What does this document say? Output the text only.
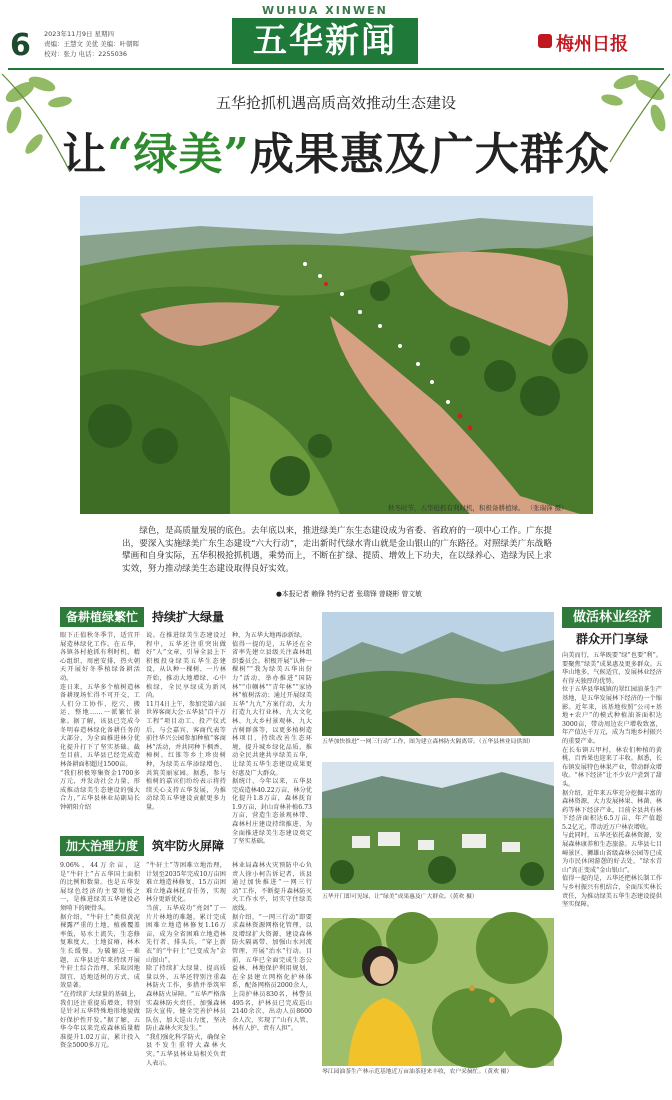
6 2023年11月9日 星期四
责编：王慧文 美优 美编：叶朝晖
校对：张力 电话：2255036
WUHUA XINWEN
五华新闻	梅州日报
五华抢抓机遇高质高效推动生态建设
让“绿美”成果惠及广大群众
秋冬时节，五华抢抓有利时机，积极备耕植绿。 （张瑞锋 摄）
绿色，是高质量发展的底色。去年底以来，推进绿美广东生态建设成为省委、省政府的一项中心工作。广东提出，要深入实施绿美广东生态建设“六大行动”，走出新时代绿水青山就是金山银山的广东路径。对照绿美广东战略擘画和自身实际，五华积极抢抓机遇，乘势而上，不断在扩绿、提质、增效上下功夫，在以绿养心、造绿为民上求实效，努力推动绿美生态建设取得良好实效。
●本报记者 赖锋 特约记者 张瑞锋 曾晓彬 曾文敏
备耕植绿繁忙 持续扩大绿量
眼下正值秋冬季节，适宜开展造林绿化工作。在五华，各镇各村抢抓有利时机，精心组织，周密安排，热火朝天开展好冬季植绿备耕活动。
连日来，五华多个植树造林备耕现场忙得不可开交，工人们分工协作，挖穴、搬运、整地……一派繁忙景象。据了解，该县已完成今冬明春造林绿化备耕任务的大部分，为全面推进林分优化提升打下了坚实基础。截至目前，五华县已经完成造林备耕面积超过1500亩。
“我们积极筹集资金1700多万元，并发动社会力量，形成推动绿美生态建设的强大合力，”五华县林业局副局长钟朝阳介绍
说。在推进绿美生态建设过程中，五华还注重突出做好“人”文章，引导全县上下积极投身绿美五华生态建设，从认种一棵树、一片林开始，推动大地增绿、心中植绿，全民享绿成为新风尚。
11月4日上午，参加完第六届世界客商大会·五华县“百千万工程”项目动工、投产仪式后，与会嘉宾、客商代表等前往华兴公园参加种植“客商林”活动，并共同种下枫香、樟树、红锥等乡土珍贵树种，为绿美五华添绿增色、共筑美丽家园。据悉，参与植树的嘉宾们纷纷表示将持续关心支持五华发展，为推动绿美五华建设贡献更多力量。
种，为五华大地再添新绿。
值得一提的是，五华还在全省率先建立县级关注森林组织委员会。积极开展“认种一棵树”“我为绿美五华出份力”活动，举办推进“国防林”“巾帼林”“青年林”“家协林”植树活动；通过开展绿美五华“九九”方案行动，大力打造九大行业林、九大文化林、九大乡村景观林、九大古树群落等，以更多植树造林项目，持续改善生态环境，提升城乡绿化品质，推动全民共建共享绿美五华，让绿美五华生态建设成果更好惠及广大群众。
据统计，今年以来，五华县完成造林40.22万亩，林分优化提升1.8万亩，森林抚育1.9万亩，封山育林补植6.73万亩，营造生态景观林带、森林村庄建设持续推进，为全面推进绿美生态建设奠定了坚实基础。
加大治理力度 筑牢防火屏障
9.06%、44万余亩，这是“牛轩土”占五华国土面积的比例和数量。也是五华发展绿色经济的主要短板之一，是推进绿美五华建设必须啃下的硬骨头。
据介绍，“牛轩土”类似黄泥裸露严重的土地，植被覆盖率低，易水土流失，生态修复难度大，土地贫瘠，林木生长缓慢。为破解这一难题，五华县近年来持续开展牛轩土综合治理，采取因地制宜、适地适树的方式，成效显著。
“在持续扩大绿量的基础上，我们还注重提质增效，特别是针对五华特殊地形地貌做好保护性开发。”据了解，五华今年以来完成森林质量精准提升1.02万亩，累计投入资金5000多万元。
“牛轩土”等困难立地治理，计划至2035年完成10万亩困难立地造林修复、15万亩困难立地森林抚育任务，实现林分更新优化。
当前，五华成功“亮剑”了一片片林地的难题，累计完成困难立地造林修复1.16万亩，成为全省困难立地造林先行者、排头兵，“穿上新衣”的“牛轩土”已变成为“金山银山”。
除了持续扩大绿量、提高质量以外，五华还特别注重森林防火工作，多措并举筑牢森林防火屏障。“五华严格落实森林防火责任，加强森林防火宣传，健全完善护林员队伍，加大巡山力度，坚决防止森林火灾发生。”
“我们强化科学防火，确保全县不发生重特大森林火灾。”五华县林业局相关负责人表示。
林业局森林火灾预防中心负责人徐小柯告诉记者，该县通过加快推进“一网三行动”工作，不断提升森林防灭火工作水平，切实守住绿美底线。
据介绍，“一网三行动”即要求森林资源网格化管理，以及增绿扩大资源、建设森林防火隔离带、加强山水河流管理、开展“治水”行动。目前，五华已全面完成生态公益林、林地保护利用规划，在全县建立网格化护林体系，配备网格员2000余人，上岗护林员830名，林警员495名，护林员已完成巡山2140余次，出动人员8600余人次，实现了“山有人管、林有人护、责有人担”。
五华加快推进“一网三行动”工作，图为建立森林防火隔离带。（五华县林业局供图）
五华开门即可见绿，让“绿美”成果惠及广大群众。（黄欢 摄）
琴江园油茶生产林示范基地近万亩油茶迎来丰收，农户采摘忙。（黄欢 摄）
做活林业经济
群众开门享绿
向美而行，五华既要“绿”也要“利”。要聚焦“绿美”成果惠及更多群众。五华山地多，气候适宜，发展林业经济有得天独厚的优势。
位于五华县华城镇的翠红园油茶生产基地，是五华发展林下经济的一个缩影。近年来，该基地按照“公司+基地+农户”的模式种植油茶面积达3000亩，带动周边农户增收致富，年产值达千万元，成为当地乡村振兴的重要产业。
在长布镇五甲村，林农们种植的黄桃、百香果也迎来了丰收。据悉，长布镇发展特色林果产业，带动群众增收。“林下经济”让不少农户尝到了甜头。
据介绍，近年来五华充分挖掘丰富的森林资源，大力发展林果、林菌、林药等林下经济产业，目前全县共有林下经济面积达6.5万亩，年产值超5.2亿元，带动近万户林农增收。
与此同时，五华还依托森林资源，发展森林康养和生态旅游。五华县七目嶂景区、狮雄山省级森林公园等已成为市民休闲游憩的好去处，“绿水青山”真正变成“金山银山”。
值得一提的是，五华还把林长制工作与乡村振兴有机结合，全面压实林长责任，为推动绿美五华生态建设提供坚实保障。
梅州日报
